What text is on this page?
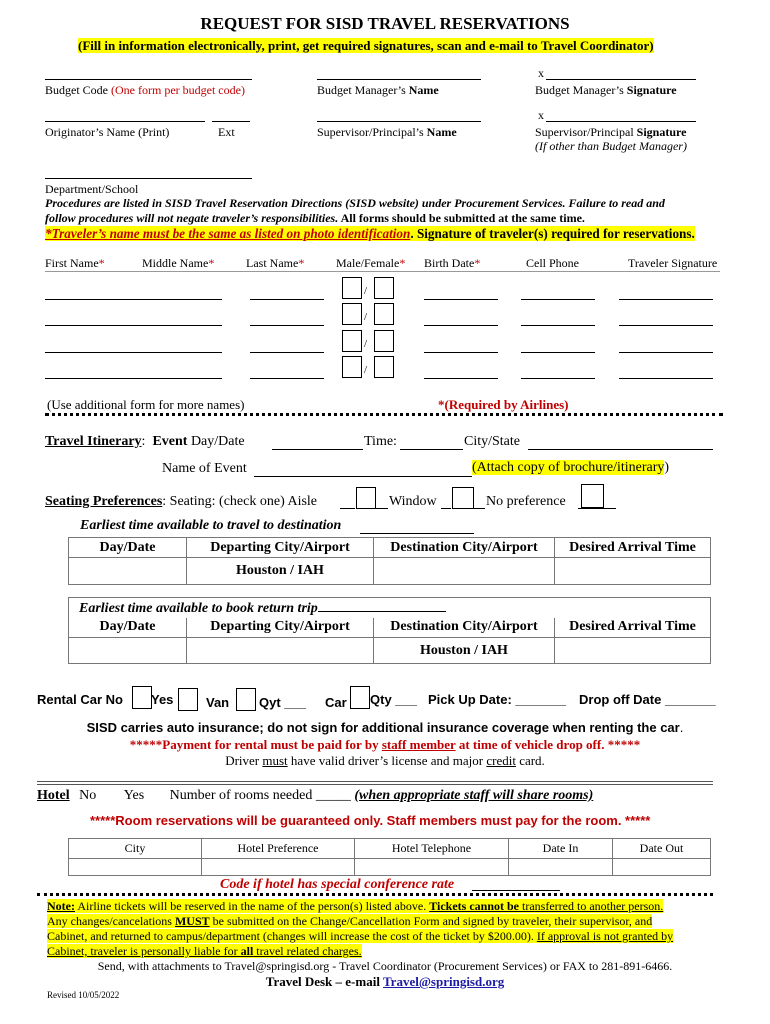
REQUEST FOR SISD TRAVEL RESERVATIONS
(Fill in information electronically, print, get required signatures, scan and e-mail to Travel Coordinator)
Budget Code (One form per budget code)	Budget Manager’s Name
x
Budget Manager’s Signature
Originator’s Name (Print)	Ext	Supervisor/Principal’s Name
x
Supervisor/Principal Signature
(If other than Budget Manager)
Department/School
Procedures are listed in SISD Travel Reservation Directions (SISD website) under Procurement Services. Failure to read and
follow procedures will not negate traveler’s responsibilities. All forms should be submitted at the same time.
*Traveler’s name must be the same as listed on photo identification. Signature of traveler(s) required for reservations.
First Name*	Middle Name*	Last Name*	Male/Female* Birth Date*	Cell Phone	Traveler Signature
/
/
/
/
(Use additional form for more names)	*(Required by Airlines)
Travel Itinerary:  Event Day/Date	Time:	City/State
Name of Event	(Attach copy of brochure/itinerary)
Seating Preferences: Seating: (check one) Aisle	Window	No preference
Earliest time available to travel to destination
Day/Date	Departing City/Airport	Destination City/Airport	Desired Arrival Time
	Houston / IAH		
Earliest time available to book return trip			
Day/Date	Departing City/Airport	Destination City/Airport	Desired Arrival Time
		Houston / IAH	
Rental Car No Yes	Van Qyt ___ Car Qty ___ Pick Up Date: _______ Drop off Date _______
SISD carries auto insurance; do not sign for additional insurance coverage when renting the car.
*****Payment for rental must be paid for by staff member at time of vehicle drop off. *****
Driver must have valid driver’s license and major credit card.
Hotel No Yes Number of rooms needed _____ (when appropriate staff will share rooms)
*****Room reservations will be guaranteed only. Staff members must pay for the room. *****
City	Hotel Preference	Hotel Telephone	Date In	Date Out

Code if hotel has special conference rate
Note: Airline tickets will be reserved in the name of the person(s) listed above. Tickets cannot be transferred to another person.
Any changes/cancelations MUST be submitted on the Change/Cancellation Form and signed by traveler, their supervisor, and
Cabinet, and returned to campus/department (changes will increase the cost of the ticket by $200.00). If approval is not granted by
Cabinet, traveler is personally liable for all travel related charges.
Send, with attachments to Travel@springisd.org - Travel Coordinator (Procurement Services) or FAX to 281-891-6466.
Travel Desk – e-mail Travel@springisd.org
Revised 10/05/2022
